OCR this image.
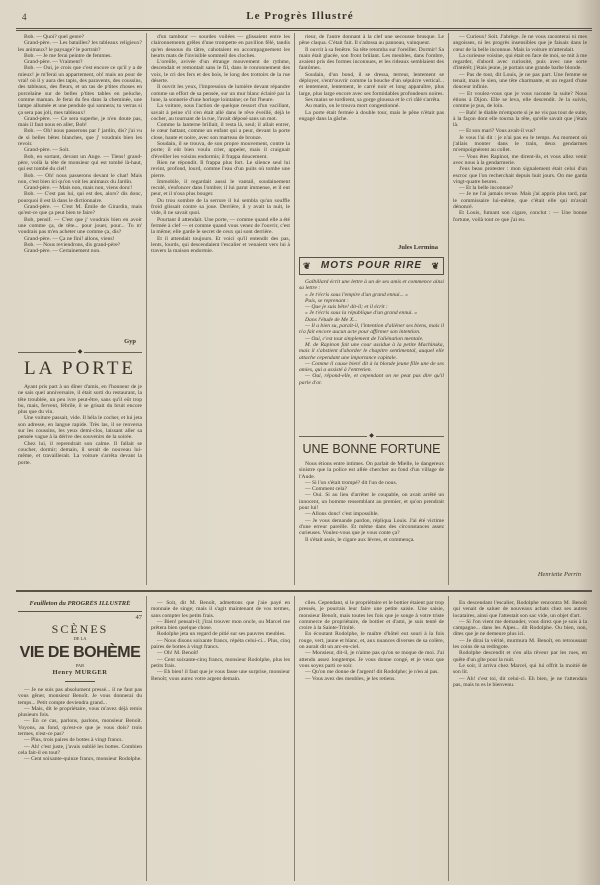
4	Le Progrès Illustré

Bob. — Quoi? quel genre?

Grand-père. — Les batailles? les tableaux religieux? les animaux? le paysage? le portrait?

Bob. — Je me ferai peintre de femmes.

Grand-père. — Vraiment?

Bob. — Oui, je crois que c'est encore ce qu'il y a de mieux! je m'ferai un appartement, oh! mais un pour de vrai! où il y aura des tapis, des paravents, des coussins, des tableaux, des fleurs, et un tas de p'tites choses en porcelaine sur de belles p'tites tables en peluche, comme maman. Je ferai du feu dans la cheminée, une lampe allumée et une pendule qui sonnera; tu verras si ça sera pas joli, mes tableaux!

Grand-père. — Ce sera superbe, je n'en doute pas, mais il faut nous en aller, Bob!

Bob. — Oh! nous passerons par l' jardin, dis? j'ai vu de si belles bêtes blanches, que j' voudrais bien les revoir.

Grand-père. — Soit.

Bob, en sortant, devant un Ange. — Tiens! grand-père, voilà la tête de monsieur qui est tombé là-haut, qui est tombé du ciel!

Bob. — Oh! nous passerons devant le chat! Mais non, c'est bien ici qu'on voit les animaux du Jardin.

Grand-père. — Mais non, mais non, viens donc!

Bob. — C'est pas lui, qui est des, alors? dis donc, pourquoi il est là dans le dictionnaire.

Grand-père. — C'est M. Émile de Girardin, mais qu'est-ce que ça peut bien te faire?

Bob, pensif. — C'est que j' voudrais bien en avoir une comme ça, de tête... pour jouer, pour... Tu m' voudrais pas m'en acheter une comme ça, dis?

Grand-père. — Ça ne fini! allons, viens!

Bob. — Nous reviendrons, dis grand-père?

Grand-père. — Certainement non.

Gyp
◆
LA PORTE

Ayant pris part à un dîner d'amis, en l'honneur de je ne sais quel anniversaire, il était sorti du restaurant, la tête troublée, un peu ivre peut-être, sans qu'il eût trop bu, mais, fervent, fébrile, il se grisait du bruit encore plus que du vin.

Une voiture passait, vide. Il héla le cocher, et lui jeta son adresse, en langue rapide. Très las, il se renversa sur les coussins, les yeux demi-clos, laissant aller sa pensée vague à la dérive des souvenirs de la soirée.

Chez lui, il reprendrait son calme. Il fallait se coucher, dormir; demain, il serait de nouveau lui-même, et travaillerait. La voiture s'arrêta devant la porte.

d'un tambour — sourdes voilées — glissaient entre les claironnements grêles d'une trompette en pavillon fêlé, tandis qu'en dessous du tâtre, cahotaient en accompagnement les heurts mats de l'invisible sommeil des cloches.

L'oreille, avivée d'un étrange mouvement de rythme, descendait et remontait sans le fil, dans le ronronnement des voix, le cri des fers et des bois, le long des trottoirs de la rue déserte.

Il ouvrit les yeux, l'impression de lumière devant répandre comme un effort de sa pensée, sur un mur blanc éclairé par la lune, la sonnerie d'une horloge lointaine; ce fut l'heure.

La voiture, sous l'action de quelque ressort d'un vacillant, savait à peine s'il s'en était allé dans le rêve éveillé, déjà le cocher, au tournant de la rue, l'avait déposé sans un mot.

Comme la lanterne brillait, il resta là, seul; il allait entrer, le cœur battant, comme un enfant qui a peur, devant la porte close, haute et noire, avec son marteau de bronze.

Soudain, il se trouva, de son propre mouvement, contre la porte; il eût bien voulu crier, appeler, mais il craignait d'éveiller les voisins endormis; il frappa doucement.

Rien ne répondit. Il frappa plus fort. Le silence seul lui revint, profond, lourd, comme l'eau d'un puits où tombe une pierre.

Immobile, il regardait aussi le vantail, soudainement reculé, s'enfoncer dans l'ombre; il lui parut immense, et il eut peur, et il n'osa plus bouger.

Du trou sombre de la serrure il lui sembla qu'un souffle froid glissait contre sa joue. Derrière, il y avait la nuit, le vide, il ne savait quoi.

Pourtant il attendait. Une porte, — comme quand elle a été fermée à clef — et comme quand vous venez de l'ouvrir, c'est la même; elle garde le secret de ceux qui sont derrière.

Et il attendait toujours. Et voici qu'il entendit des pas, lents, lourds, qui descendaient l'escalier et venaient vers lui à travers la maison endormie.

rieur, de l'autre donnant à la clef une secousse brusque. Le pêne claqua. C'était fait. Il s'adossa au panneau, vainqueur.

Il ouvrit à sa fenêtre. Sa tête retomba sur l'oreiller. Dormir! Sa main était glacée, son front brûlant. Les meubles, dans l'ombre, avaient pris des formes inconnues, et les rideaux semblaient des fantômes.

Soudain, d'un bond, il se dressa, terreur, lentement se déployer, s'entr'ouvrir comme la bouche d'un sépulcre vertical... et lentement, lentement, le carré noir et long apparaître, plus large, plus large encore avec ses formidables profondeurs noires.

Ses mains se tordirent, sa gorge gloussa et le cri râlé s'arrêta.

Au matin, on le trouva mort congestionné.

La porte était fermée à double tour, mais le pêne n'était pas engagé dans la gâche.

Jules Lermina
❦ MOTS POUR RIRE ❦

Galbillard écrit une lettre à un de ses amis et commence ainsi sa lettre :

« Je t'écris sous l'empire d'un grand ennui... »

Puis, se reprenant :

— Que je suis bête! dit-il; et il écrit :

« Je t'écris sous la république d'un grand ennui. »

Dans l'étude de Me X...

— Il a bien su, paraît-il, l'intention d'aliéner ses biens, mais il n'a fait encore aucun acte pour affirmer son intention.

— Oui, c'est tout simplement de l'aliénation mentale.

M. de Rapinon fait une cour assidue à la petite Machinska, mais il s'abstient d'aborder le chapitre sentimental, auquel elle attache cependant une importance capitale.

— Comme il cause bien! dit à la blonde jeune fille une de ses amies, qui a assisté à l'entretien.

— Oui, répond-elle, et cependant on ne peut pas dire qu'il parle d'or.

◆
UNE BONNE FORTUNE

Nous étions entre intimes. On parlait de Mielle, le dangereux sinistre que la police est allée chercher au fond d'un village de l'Aude.

— Si l'on s'était trompé? dit l'un de nous.

— Comment cela?

— Oui. Si au lieu d'arrêter le coupable, on avait arrêté un innocent, un homme ressemblant au premier, et qu'on prendrait pour lui!

— Allons donc! c'est impossible.

— Je vous demande pardon, répliqua Louis. J'ai été victime d'une erreur pareille. Et même dans des circonstances assez curieuses. Voulez-vous que je vous conte ça?

Il s'était assis, le cigare aux lèvres, et commença.

— Curieux! Soit. J'abrège. Je ne vous raconterai ni mes angoisses, ni les progrès insensibles que je faisais dans le cœur de la belle inconnue. Mais la voiture m'attendait.

La curieuse voisine, qui était en face de moi, se mit à me regarder, d'abord avec curiosité, puis avec une sorte d'intérêt; j'étais jeune, je portais une grande barbe blonde.

— Pas de tout, dit Louis, je ne pas part. Une femme se tenait, mais le sien, une tête charmante, et un regard d'une douceur infinie.

— Et voulez-vous que je vous raconte la suite? Nous étions à Dijon. Elle se leva, elle descendit. Je la suivis, comme je pus, de loin.

— Bah! le diable m'emporte si je ne vis pas tout de suite, à la façon dont elle tourna la tête, qu'elle savait que j'étais là.

— Et son mari? Vous avait-il vus?

Je vous l'ai dit : je n'ai pas eu le temps. Au moment où j'allais monter dans le train, deux gendarmes m'empoignèrent au collet.

— Vous êtes Rapinot, me dirent-ils, et vous allez venir avec nous à la gendarmerie.

J'eus beau protester : mon signalement était celui d'un escroc que l'on recherchait depuis huit jours. On me garda vingt-quatre heures.

— Et la belle inconnue?

— Je ne l'ai jamais revue. Mais j'ai appris plus tard, par le commissaire lui-même, que c'était elle qui m'avait dénoncé.

Et Louis, fumant son cigare, conclut : — Une bonne fortune, voilà tout ce que j'ai eu.

Henriette Perrin
Feuilleton du PROGRÈS ILLUSTRÉ
47
SCÈNES
DE LA
VIE DE BOHÈME
PAR
Henry MURGER

— Je ne suis pas absolument pressé... il ne faut pas vous gêner, monsieur Benoît. Je vous donnerai du temps... Petit compte deviendra grand...

— Mais, dit le propriétaire, vous m'avez déjà remis plusieurs fois.

— En ce cas, parlons, parlons, monsieur Benoît. Voyons, au fond, qu'est-ce que je vous dois? trois termes, n'est-ce pas?

— Plus, trois paires de bottes à vingt francs.

— Ah! c'est juste, j'avais oublié les bottes. Combien cela fait-il en tout?

— Cent soixante-quinze francs, monsieur Rodolphe.

— Soit, dit M. Benoît, admettons que j'aie payé en monnaie de singe; mais il s'agit maintenant de vos termes, sans compter les petits frais.

— Bien! pensait-il; j'irai trouver mon oncle, ou Marcel me prêtera bien quelque chose.

Rodolphe jeta un regard de pitié sur ses pauvres meubles.

— Nous disons soixante francs, répéta celui-ci... Plus, cinq paires de bottes à vingt francs.

— Oh! M. Benoît!

— Cent soixante-cinq francs, monsieur Rodolphe, plus les petits frais.

— Eh bien! il faut que je vous fasse une surprise, monsieur Benoît; vous aurez votre argent demain.

ciles. Cependant, si le propriétaire et le bottier étaient par trop pressés, je pourrais leur faire une petite saisie. Une saisie, monsieur Benoît, mais toutes les fois que je songe à votre triste commerce de propriétaire, de bottier et d'ami, je suis tenté de croire à la Sainte-Trinité.

En écoutant Rodolphe, le maître d'hôtel eut souri à la fois rouge, vert, jaune et blanc, et, aux nuances diverses de sa colère, on aurait dit un arc-en-ciel.

— Monsieur, dit-il, je n'aime pas qu'on se moque de moi. J'ai attendu assez longtemps. Je vous donne congé, et je veux que vous soyez parti ce soir.

— Qu'on me donne de l'argent! dit Rodolphe; je n'en ai pas.

— Vous avez des meubles, je les retiens.

En descendant l'escalier, Rodolphe rencontra M. Benoît qui venait de saluer de nouveaux achats chez ses autres locataires, ainsi que l'attestait son sac vide, un objet d'art.

— Si l'on vient me demander, vous direz que je suis à la campagne... dans les Alpes... dit Rodolphe. Ou bien, non, dites que je ne demeure plus ici.

— Je dirai la vérité, murmura M. Benoît, en retroussant les coins de sa redingote.

Rodolphe descendit et s'en alla rêveur par les rues, en quête d'un gîte pour la nuit.

Le soir, il arriva chez Marcel, qui lui offrit la moitié de son lit.

— Ah! c'est toi, dit celui-ci. Eh bien, je ne t'attendais pas, mais tu es le bienvenu.
